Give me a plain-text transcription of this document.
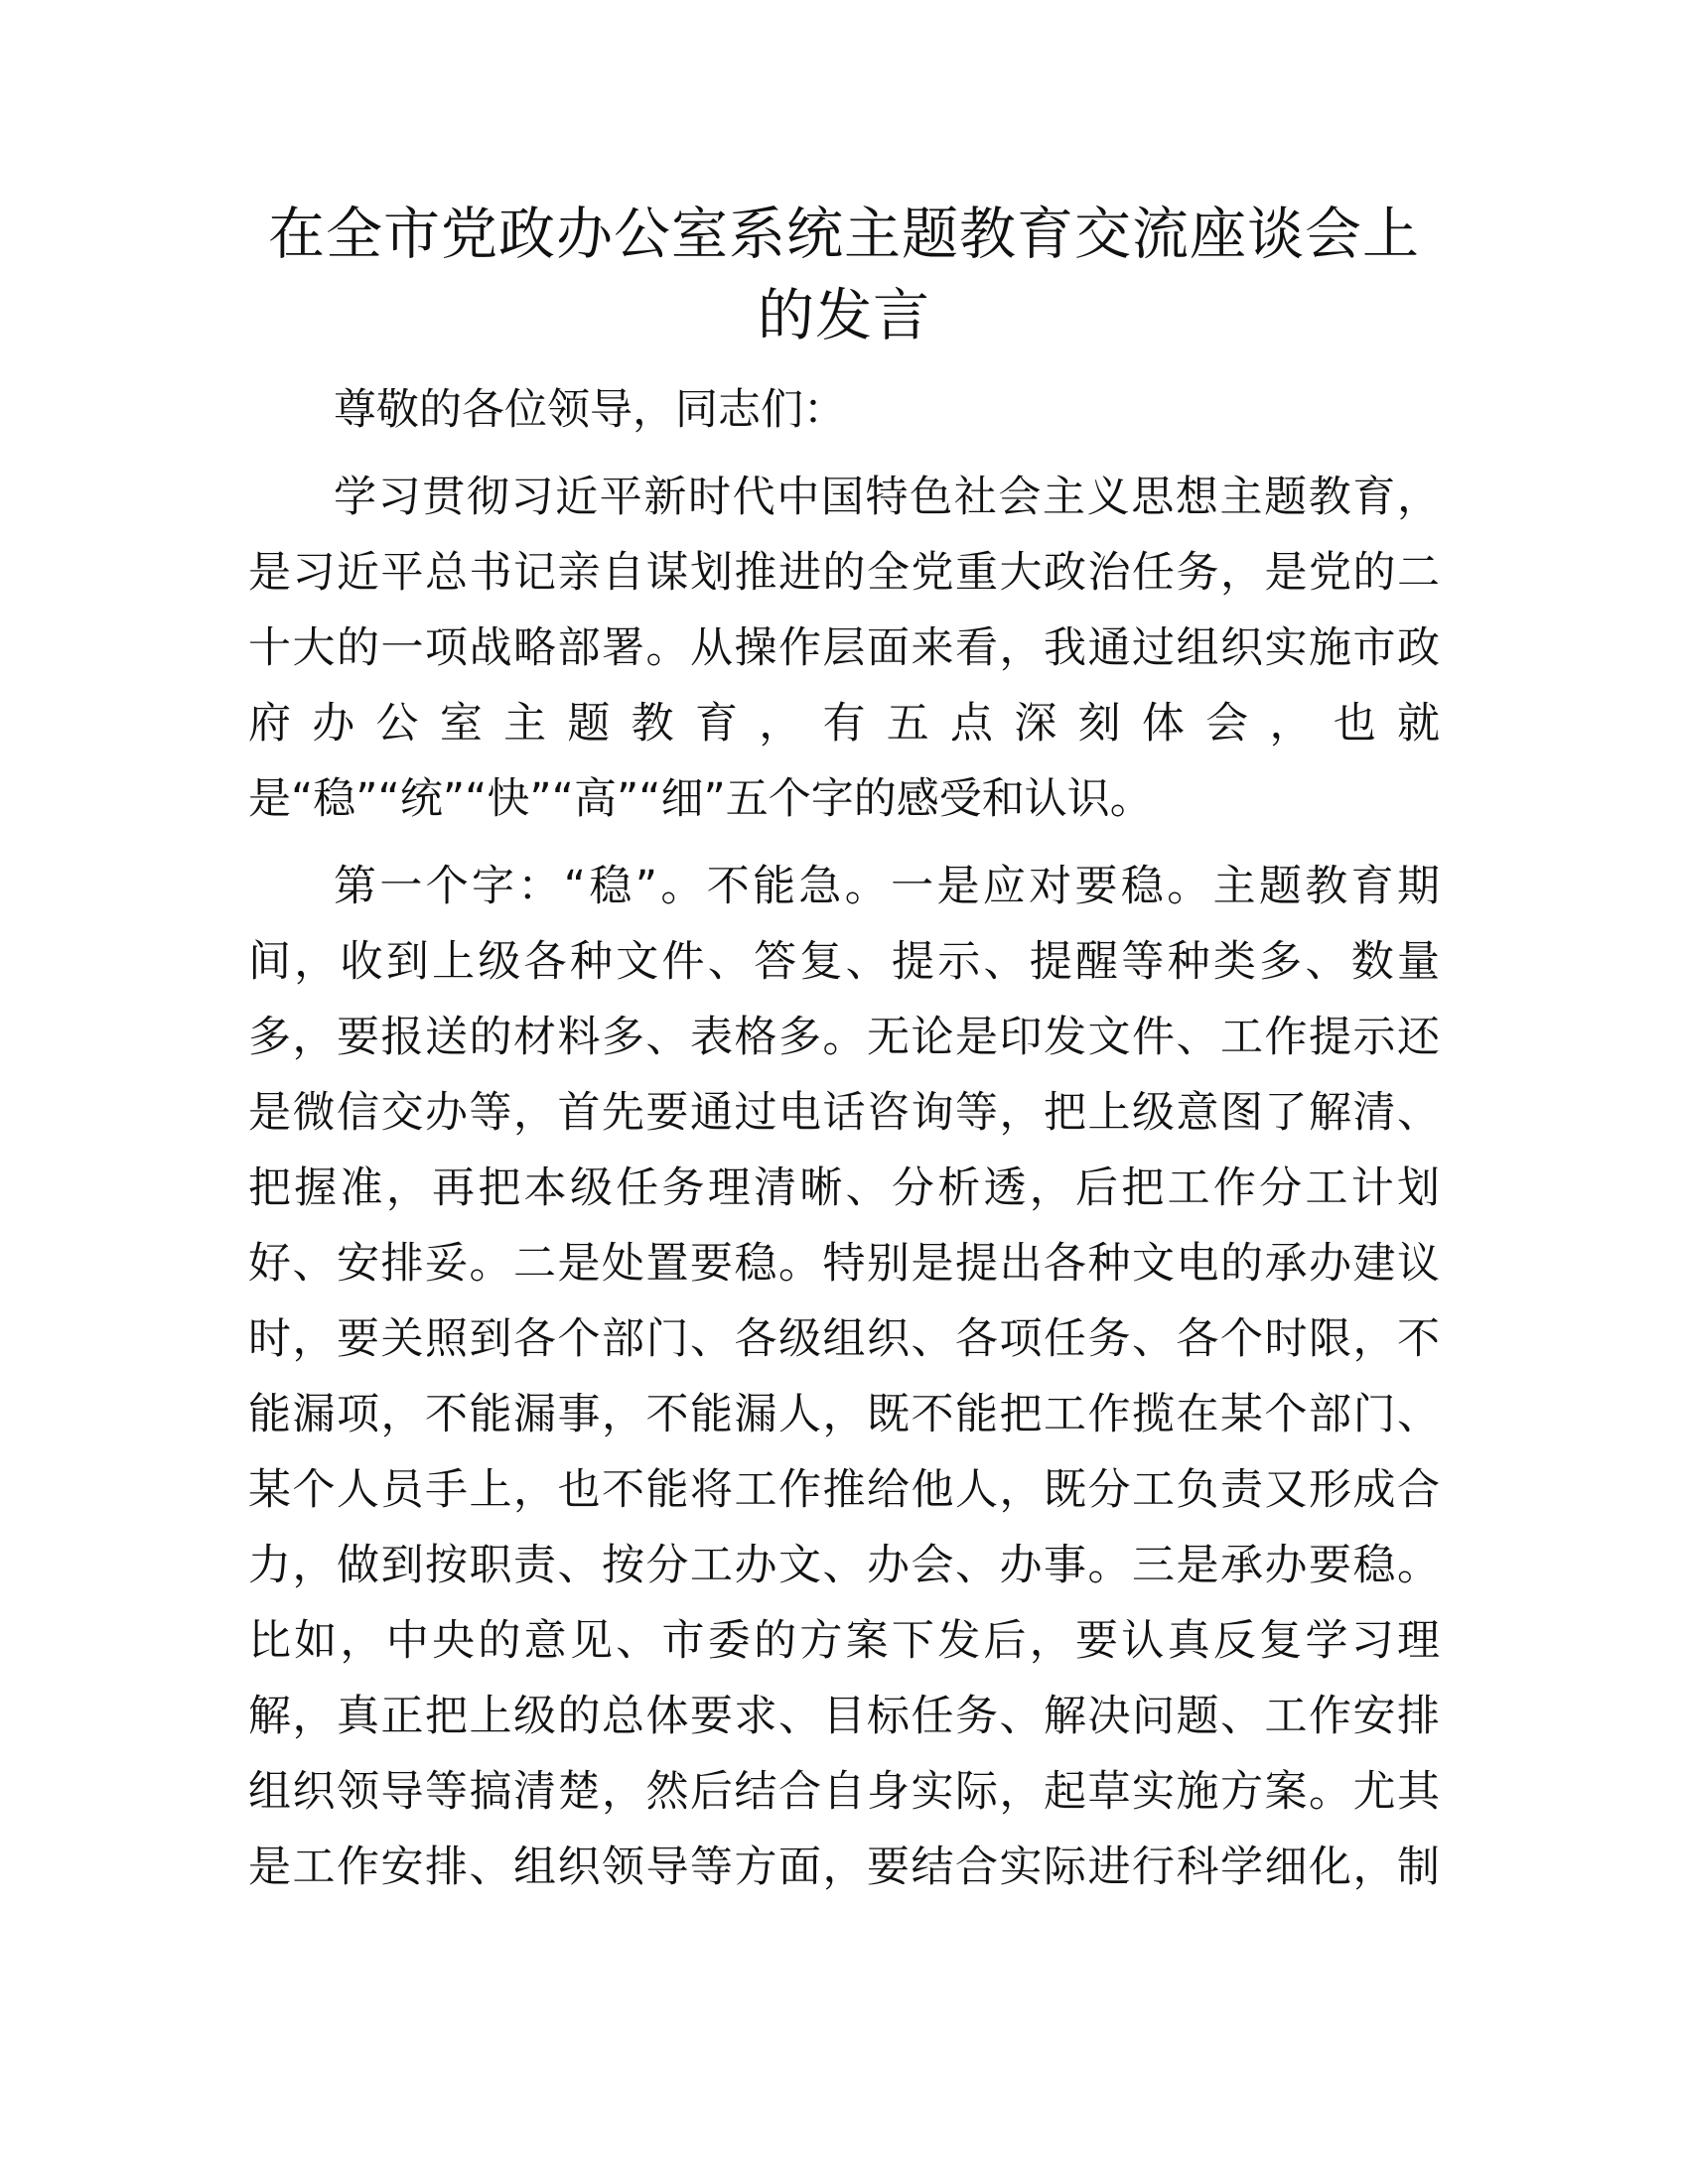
在全市党政办公室系统主题教育交流座谈会上
的发言
尊敬的各位领导，同志们：
学习贯彻习近平新时代中国特色社会主义思想主题教育，
是习近平总书记亲自谋划推进的全党重大政治任务，是党的二
十大的一项战略部署。从操作层面来看，我通过组织实施市政
府办公室主题教育，有五点深刻体会，也就
是“稳”“统”“快”“高”“细”五个字的感受和认识。
第一个字：“稳”。不能急。一是应对要稳。主题教育期
间，收到上级各种文件、答复、提示、提醒等种类多、数量
多，要报送的材料多、表格多。无论是印发文件、工作提示还
是微信交办等，首先要通过电话咨询等，把上级意图了解清、
把握准，再把本级任务理清晰、分析透，后把工作分工计划
好、安排妥。二是处置要稳。特别是提出各种文电的承办建议
时，要关照到各个部门、各级组织、各项任务、各个时限，不
能漏项，不能漏事，不能漏人，既不能把工作揽在某个部门、
某个人员手上，也不能将工作推给他人，既分工负责又形成合
力，做到按职责、按分工办文、办会、办事。三是承办要稳。
比如，中央的意见、市委的方案下发后，要认真反复学习理
解，真正把上级的总体要求、目标任务、解决问题、工作安排
组织领导等搞清楚，然后结合自身实际，起草实施方案。尤其
是工作安排、组织领导等方面，要结合实际进行科学细化，制
